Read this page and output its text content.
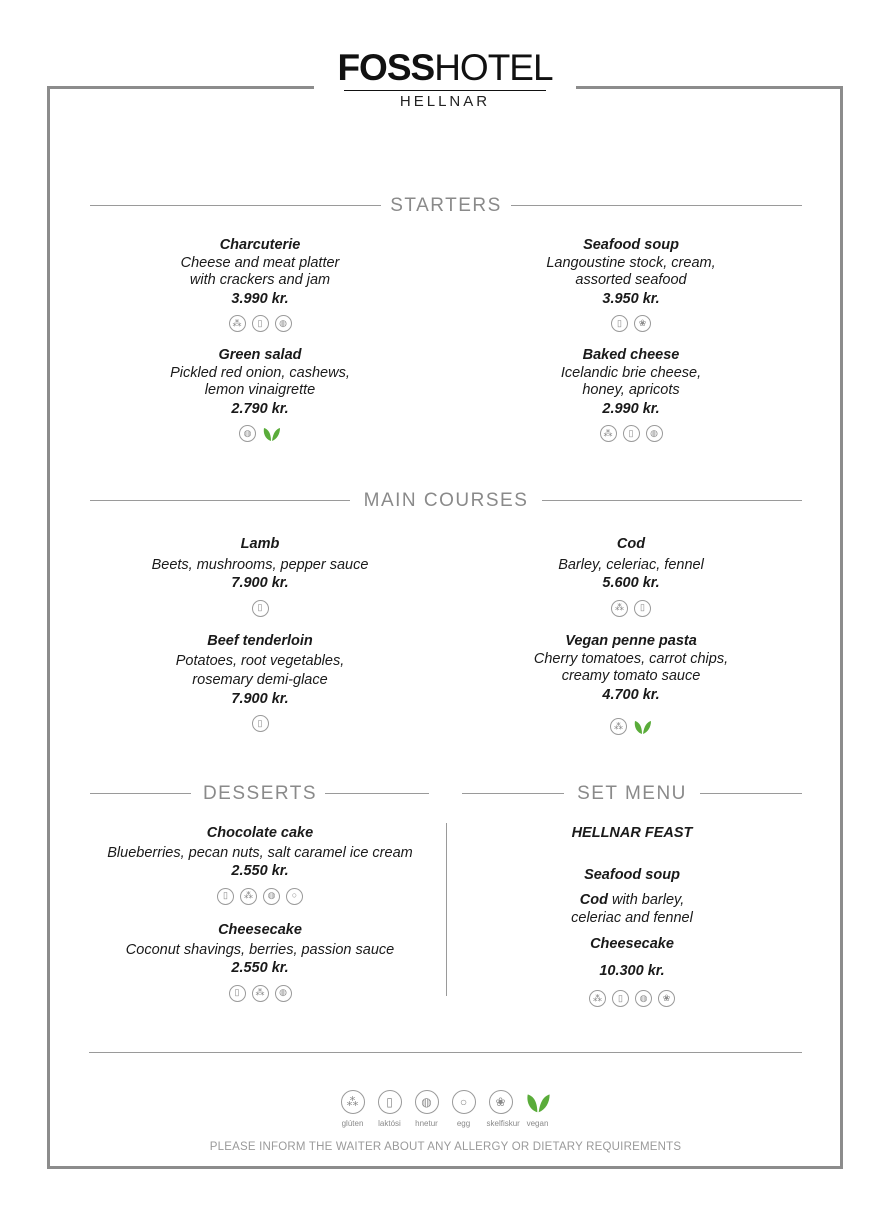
FOSSHOTEL
HELLNAR
STARTERS
Charcuterie
Cheese and meat platter
with crackers and jam
3.990 kr.
⁂	▯	◍
Seafood soup
Langoustine stock, cream,
assorted seafood
3.950 kr.
▯	❀
Green salad
Pickled red onion, cashews,
lemon vinaigrette
2.790 kr.
◍
Baked cheese
Icelandic brie cheese,
honey, apricots
2.990 kr.
⁂	▯	◍
MAIN COURSES
Lamb
Beets, mushrooms, pepper sauce
7.900 kr.
▯
Cod
Barley, celeriac, fennel
5.600 kr.
⁂	▯
Beef tenderloin
Potatoes, root vegetables,
rosemary demi-glace
7.900 kr.
▯
Vegan penne pasta
Cherry tomatoes, carrot chips,
creamy tomato sauce
4.700 kr.
⁂
DESSERTS	SET MENU
Chocolate cake
Blueberries, pecan nuts, salt caramel ice cream
2.550 kr.
▯	⁂	◍	○
Cheesecake
Coconut shavings, berries, passion sauce
2.550 kr.
▯	⁂	◍
HELLNAR FEAST
Seafood soup
Cod with barley,
celeriac and fennel
Cheesecake
10.300 kr.
⁂	▯	◍	❀
⁂
glúten
▯
laktósi
◍
hnetur
○
egg
❀
skelfiskur vegan
PLEASE INFORM THE WAITER ABOUT ANY ALLERGY OR DIETARY REQUIREMENTS
